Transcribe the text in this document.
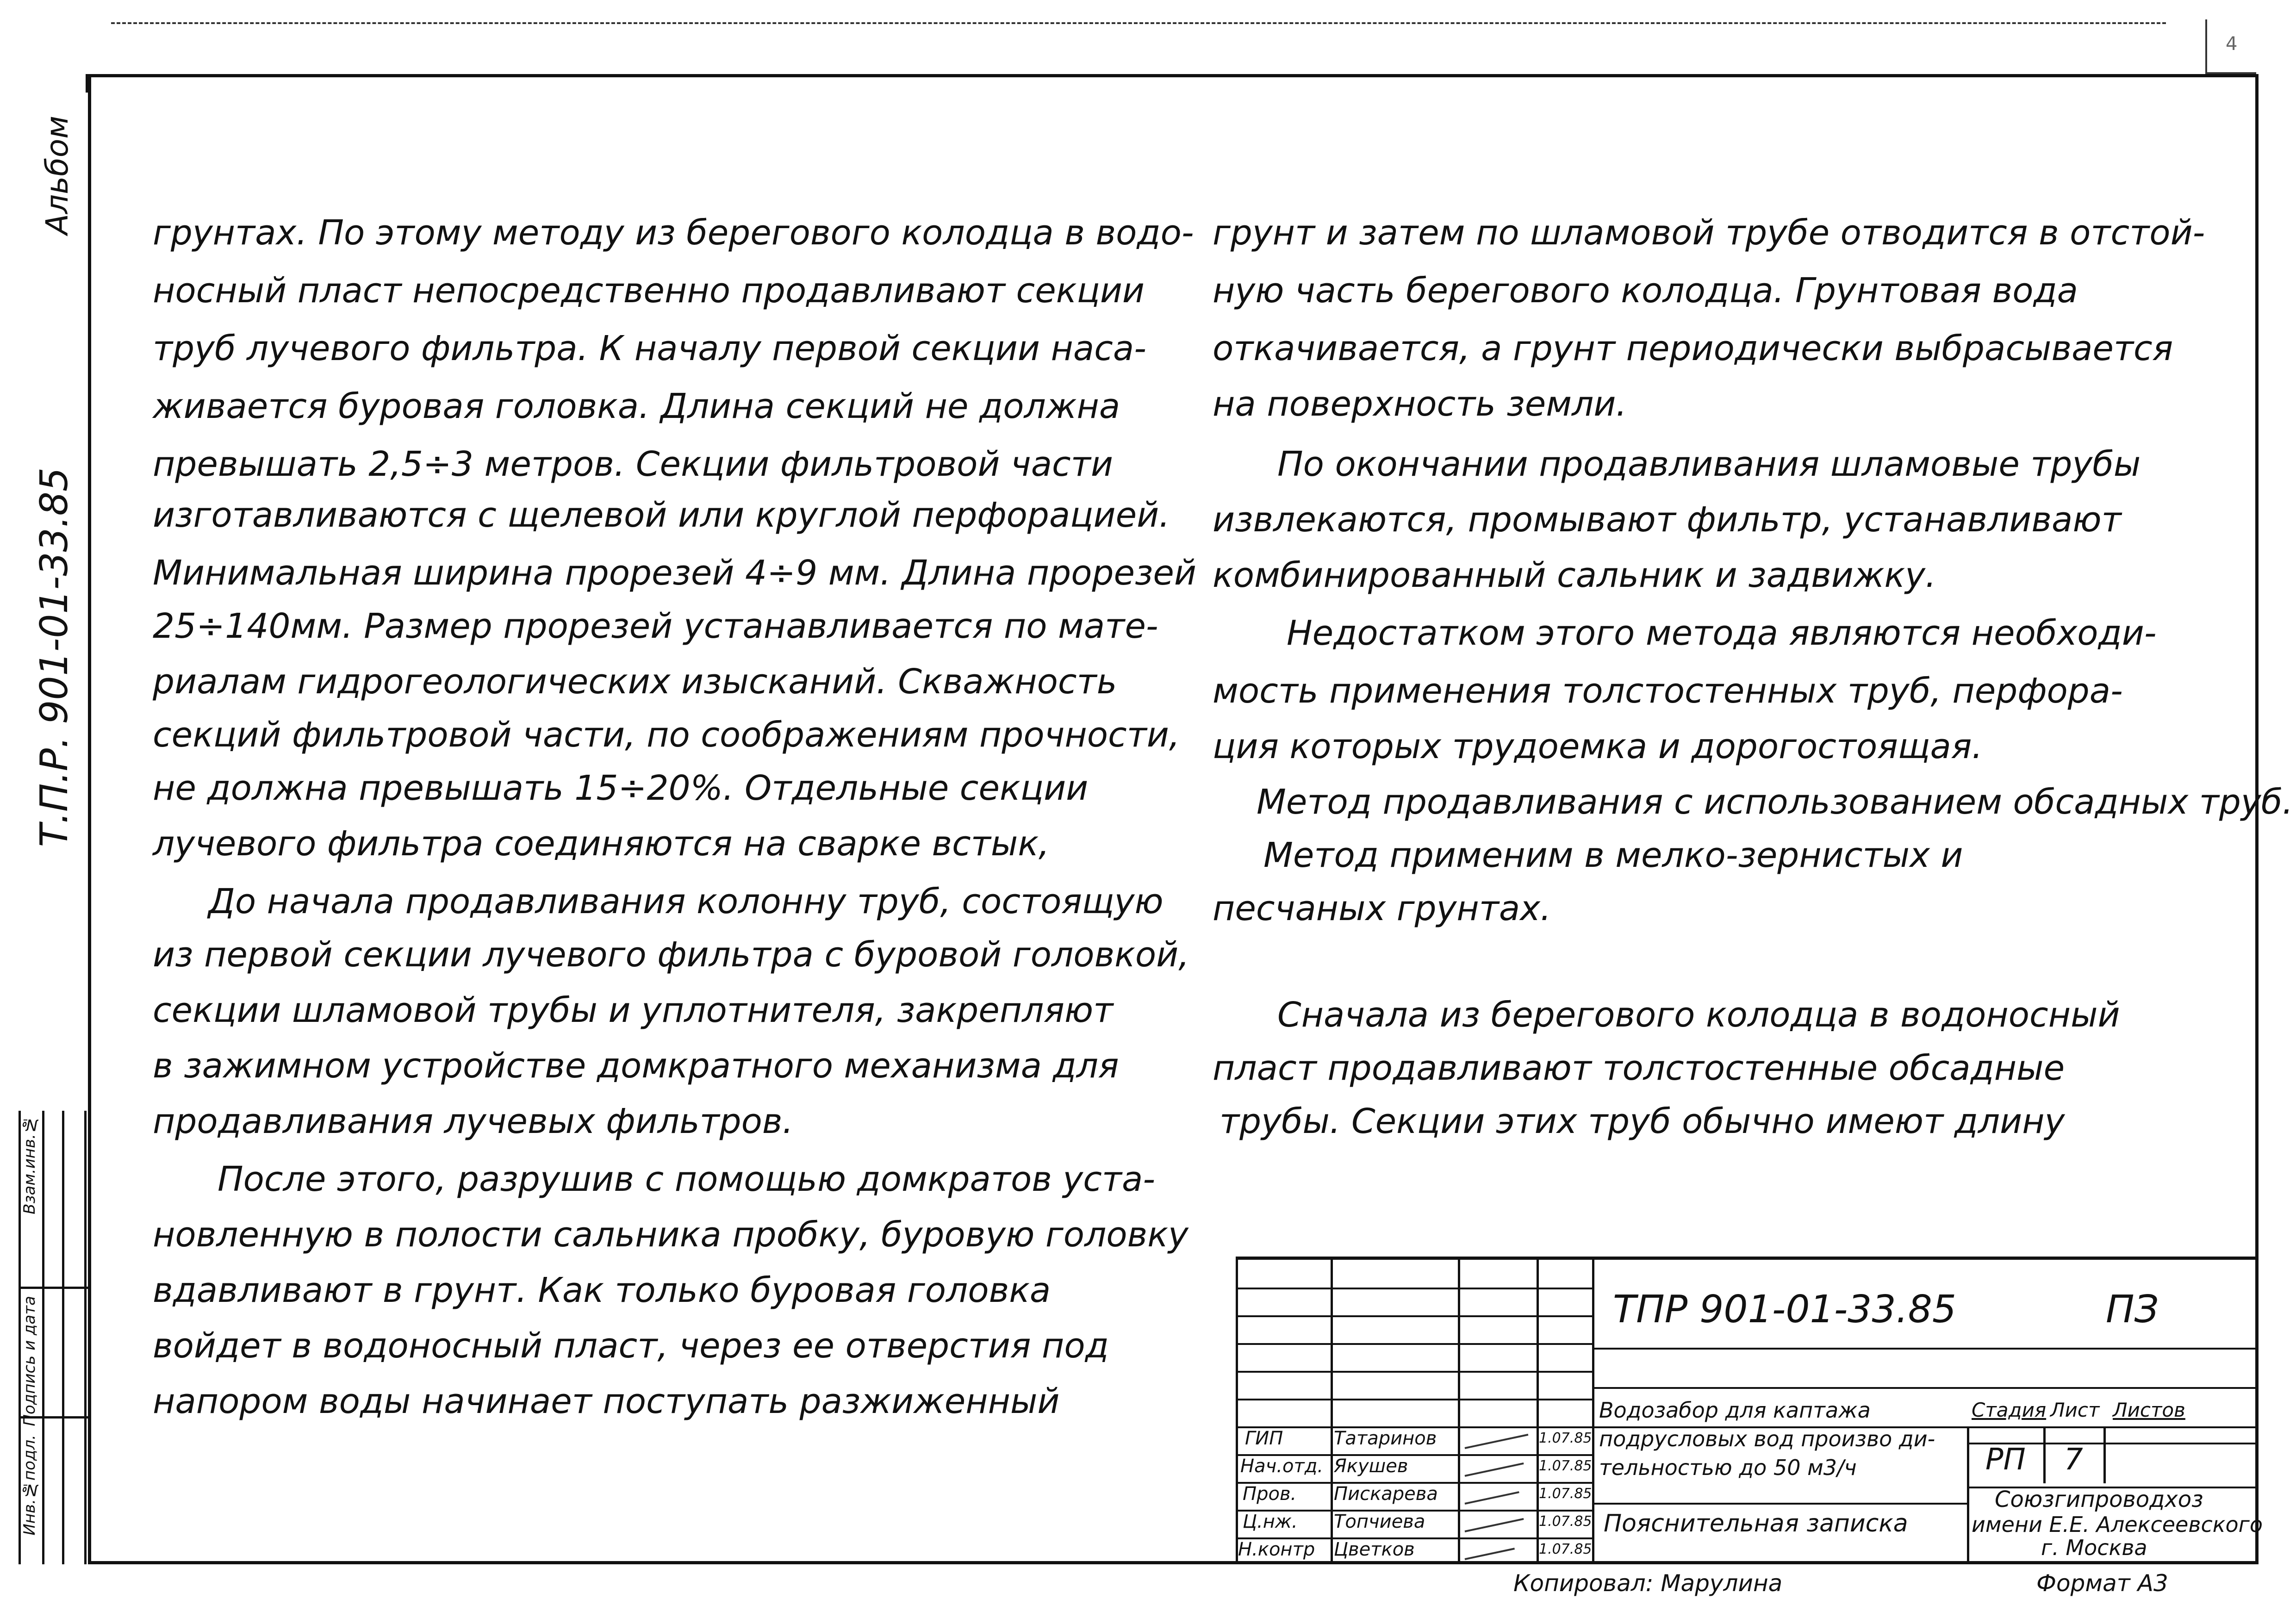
4
Альбом
Т.П.Р. 901-01-33.85
Инв.№подл.
Подпись и дата
Взам.инв.№
грунтах. По этому методу из берегового колодца в водо-
носный пласт непосредственно продавливают секции
труб лучевого фильтра. К началу первой секции наса-
живается буровая головка. Длина секций не должна
превышать 2,5÷3 метров. Секции фильтровой части
изготавливаются с щелевой или круглой перфорацией.
Минимальная ширина прорезей 4÷9 мм. Длина прорезей
25÷140мм. Размер прорезей устанавливается по мате-
риалам гидрогеологических изысканий. Скважность
секций фильтровой части, по соображениям прочности,
не должна превышать 15÷20%. Отдельные секции
лучевого фильтра соединяются на сварке встык,
До начала продавливания колонну труб, состоящую
из первой секции лучевого фильтра с буровой головкой,
секции шламовой трубы и уплотнителя, закрепляют
в зажимном устройстве домкратного механизма для
продавливания лучевых фильтров.
После этого, разрушив с помощью домкратов уста-
новленную в полости сальника пробку, буровую головку
вдавливают в грунт. Как только буровая головка
войдет в водоносный пласт, через ее отверстия под
напором воды начинает поступать разжиженный
грунт и затем по шламовой трубе отводится в отстой-
ную часть берегового колодца. Грунтовая вода
откачивается, а грунт периодически выбрасывается
на поверхность земли.
По окончании продавливания шламовые трубы
извлекаются, промывают фильтр, устанавливают
комбинированный сальник и задвижку.
Недостатком этого метода являются необходи-
мость применения толстостенных труб, перфора-
ция которых трудоемка и дорогостоящая.
Метод продавливания с использованием обсадных труб.
Метод применим в мелко-зернистых и
песчаных грунтах.
Сначала из берегового колодца в водоносный
пласт продавливают толстостенные обсадные
трубы. Секции этих труб обычно имеют длину
ТПР 901-01-33.85	ПЗ
Водозабор для каптажа
подрусловых вод произво ди-
тельностью до 50 м3/ч
Пояснительная записка
Стадия Лист Листов
РП 7
Союзгипроводхоз
имени Е.Е. Алексеевского
г. Москва
ГИП	Татаринов	1.07.85
Нач.отд. Якушев	1.07.85
Пров. Пискарева	1.07.85
Ц.нж. Топчиева	1.07.85
Н.контр Цветков	1.07.85
Копировал: Марулина	Формат А3
